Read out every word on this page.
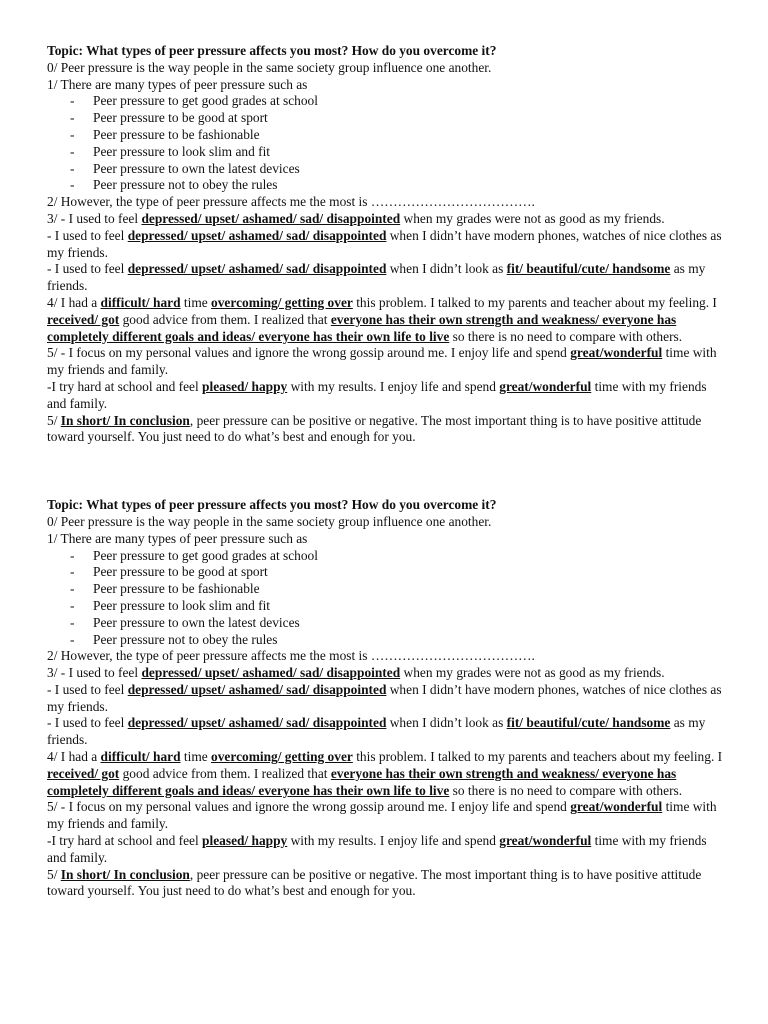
Topic: What types of peer pressure affects you most? How do you overcome it?

0/ Peer pressure is the way people in the same society group influence one another.

1/ There are many types of peer pressure such as

- Peer pressure to get good grades at school
- Peer pressure to be good at sport
- Peer pressure to be fashionable
- Peer pressure to look slim and fit
- Peer pressure to own the latest devices
- Peer pressure not to obey the rules

2/ However, the type of peer pressure affects me the most is ……………………………….

3/ - I used to feel depressed/ upset/ ashamed/ sad/ disappointed when my grades were not as good as my friends.

- I used to feel depressed/ upset/ ashamed/ sad/ disappointed when I didn’t have modern phones, watches of nice clothes as my friends.

- I used to feel depressed/ upset/ ashamed/ sad/ disappointed when I didn’t look as fit/ beautiful/cute/ handsome as my friends.

4/ I had a difficult/ hard time overcoming/ getting over this problem. I talked to my parents and teacher about my feeling. I received/ got good advice from them. I realized that everyone has their own strength and weakness/ everyone has completely different goals and ideas/ everyone has their own life to live so there is no need to compare with others.

5/ - I focus on my personal values and ignore the wrong gossip around me. I enjoy life and spend great/wonderful time with my friends and family.

-I try hard at school and feel pleased/ happy with my results. I enjoy life and spend great/wonderful time with my friends and family.

5/ In short/ In conclusion, peer pressure can be positive or negative. The most important thing is to have positive attitude toward yourself. You just need to do what’s best and enough for you.

Topic: What types of peer pressure affects you most? How do you overcome it?

0/ Peer pressure is the way people in the same society group influence one another.

1/ There are many types of peer pressure such as

- Peer pressure to get good grades at school
- Peer pressure to be good at sport
- Peer pressure to be fashionable
- Peer pressure to look slim and fit
- Peer pressure to own the latest devices
- Peer pressure not to obey the rules

2/ However, the type of peer pressure affects me the most is ……………………………….

3/ - I used to feel depressed/ upset/ ashamed/ sad/ disappointed when my grades were not as good as my friends.

- I used to feel depressed/ upset/ ashamed/ sad/ disappointed when I didn’t have modern phones, watches of nice clothes as my friends.

- I used to feel depressed/ upset/ ashamed/ sad/ disappointed when I didn’t look as fit/ beautiful/cute/ handsome as my friends.

4/ I had a difficult/ hard time overcoming/ getting over this problem. I talked to my parents and teachers about my feeling. I received/ got good advice from them. I realized that everyone has their own strength and weakness/ everyone has completely different goals and ideas/ everyone has their own life to live so there is no need to compare with others.

5/ - I focus on my personal values and ignore the wrong gossip around me. I enjoy life and spend great/wonderful time with my friends and family.

-I try hard at school and feel pleased/ happy with my results. I enjoy life and spend great/wonderful time with my friends and family.

5/ In short/ In conclusion, peer pressure can be positive or negative. The most important thing is to have positive attitude toward yourself. You just need to do what’s best and enough for you.
